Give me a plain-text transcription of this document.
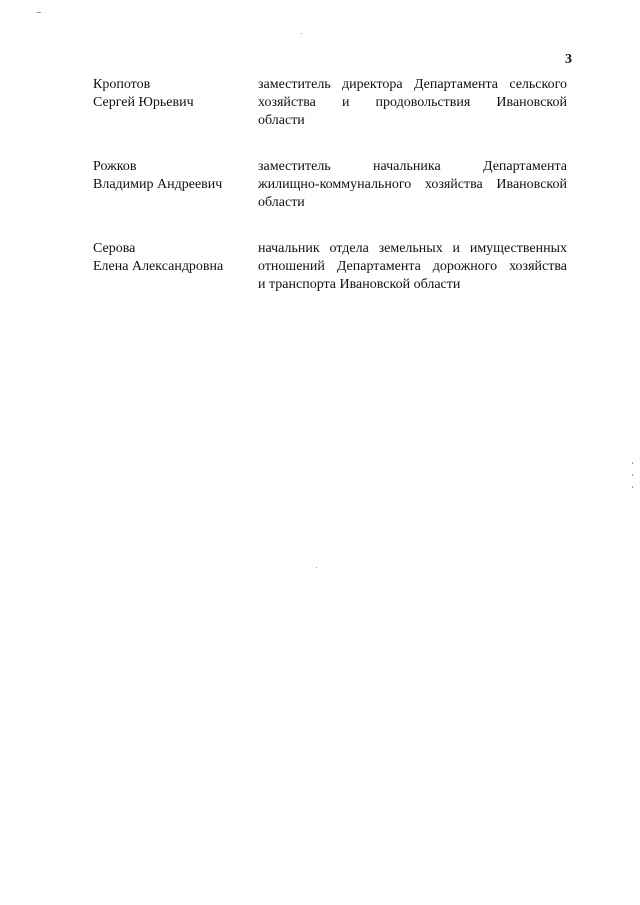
3
Кропотов
Сергей Юрьевич
заместитель директора Департамента сельского
хозяйства и продовольствия Ивановской
области
Рожков
Владимир Андреевич
заместитель начальника Департамента
жилищно-коммунального хозяйства Ивановской
области
Серова
Елена Александровна
начальник отдела земельных и имущественных
отношений Департамента дорожного хозяйства
и транспорта Ивановской области
